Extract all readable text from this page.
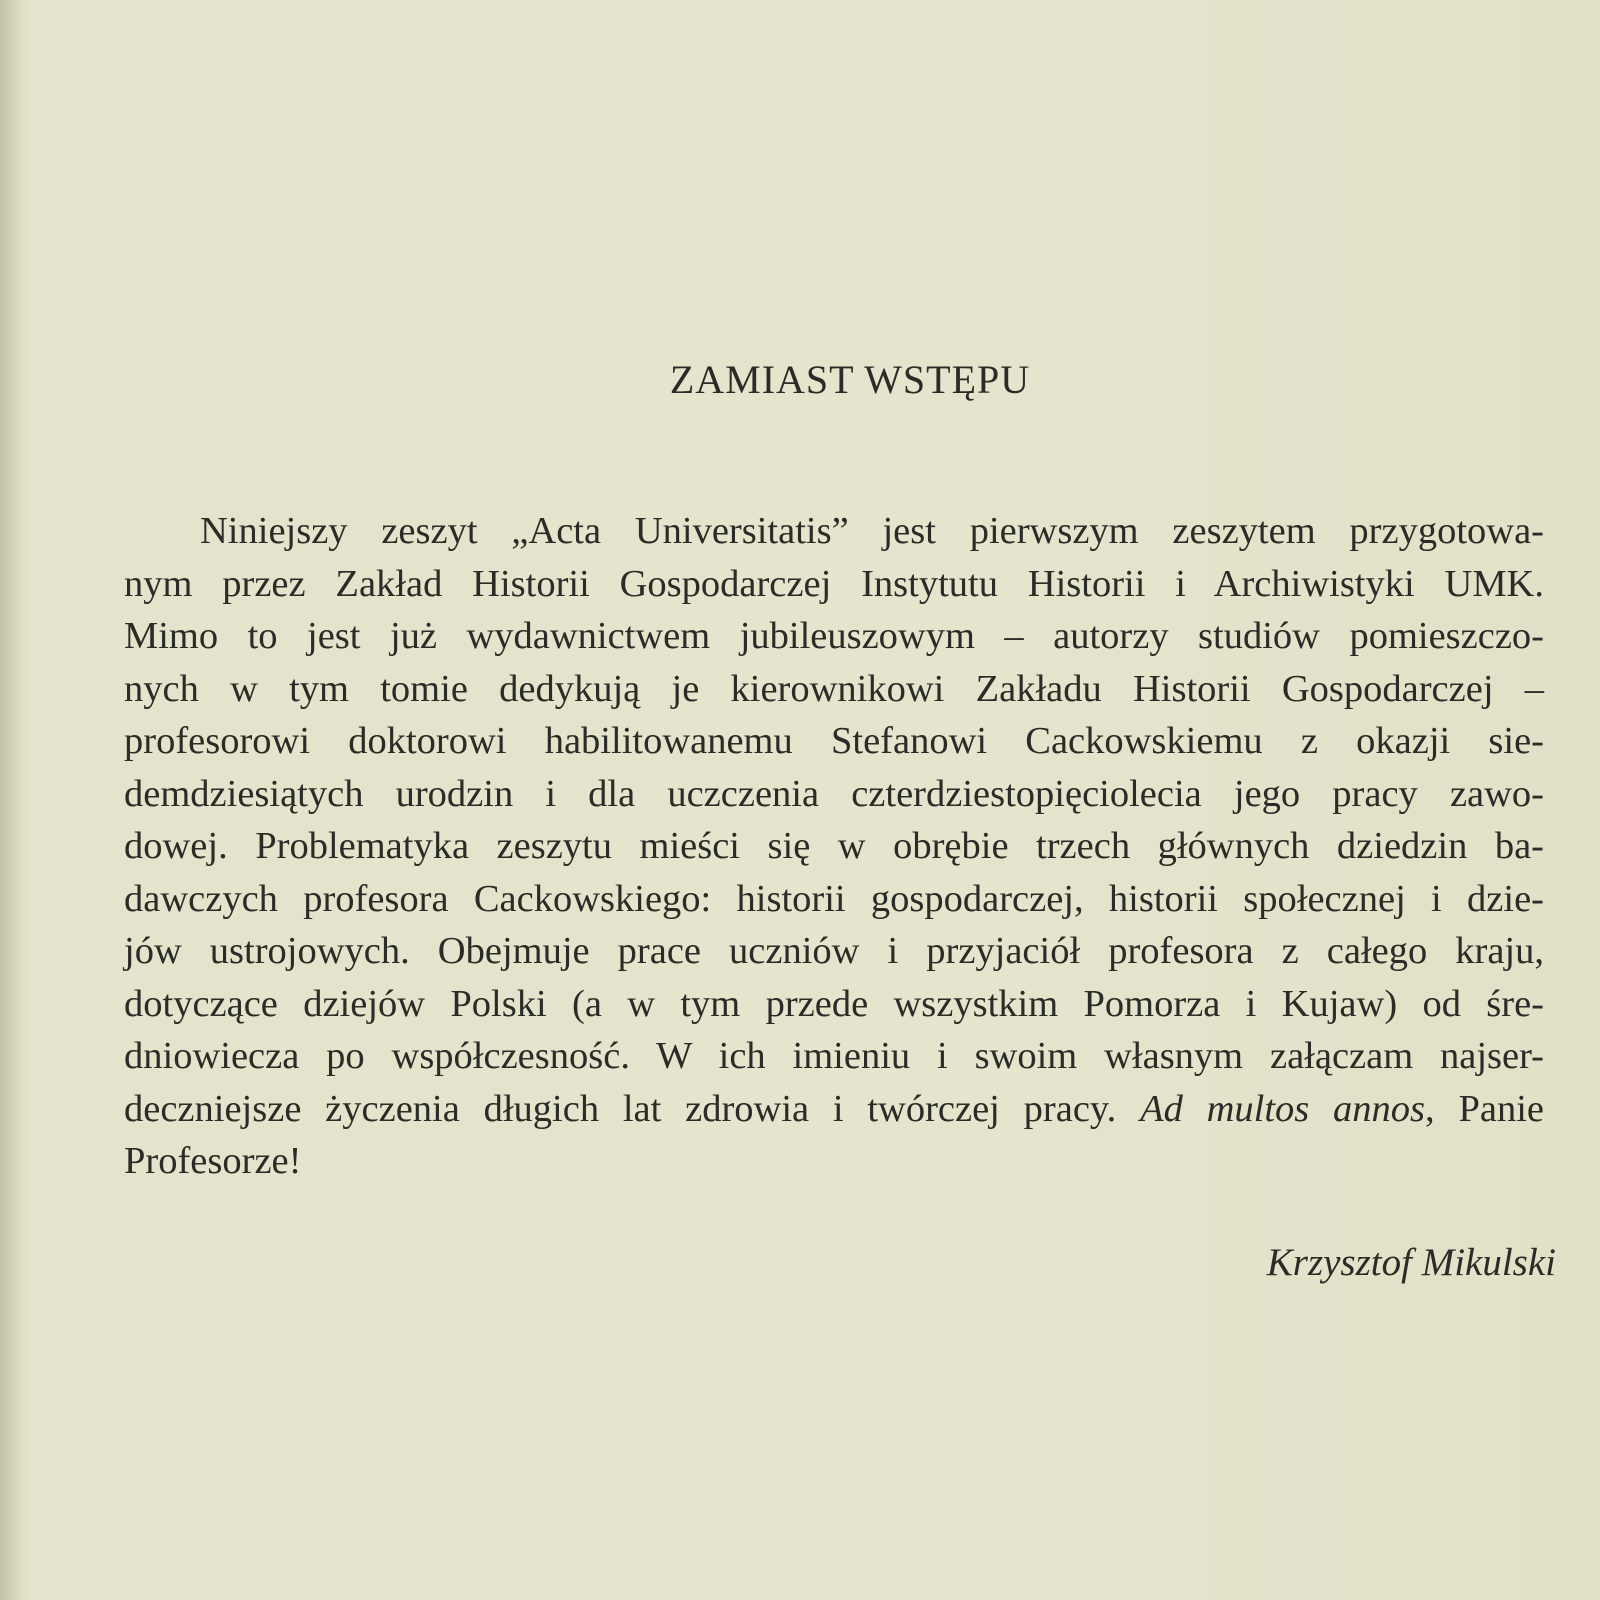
ZAMIAST WSTĘPU
Niniejszy zeszyt „Acta Universitatis” jest pierwszym zeszytem przygotowa-
nym przez Zakład Historii Gospodarczej Instytutu Historii i Archiwistyki UMK.
Mimo to jest już wydawnictwem jubileuszowym – autorzy studiów pomieszczo-
nych w tym tomie dedykują je kierownikowi Zakładu Historii Gospodarczej –
profesorowi doktorowi habilitowanemu Stefanowi Cackowskiemu z okazji sie-
demdziesiątych urodzin i dla uczczenia czterdziestopięciolecia jego pracy zawo-
dowej. Problematyka zeszytu mieści się w obrębie trzech głównych dziedzin ba-
dawczych profesora Cackowskiego: historii gospodarczej, historii społecznej i dzie-
jów ustrojowych. Obejmuje prace uczniów i przyjaciół profesora z całego kraju,
dotyczące dziejów Polski (a w tym przede wszystkim Pomorza i Kujaw) od śre-
dniowiecza po współczesność. W ich imieniu i swoim własnym załączam najser-
deczniejsze życzenia długich lat zdrowia i twórczej pracy. Ad multos annos, Panie
Profesorze!
Krzysztof Mikulski
